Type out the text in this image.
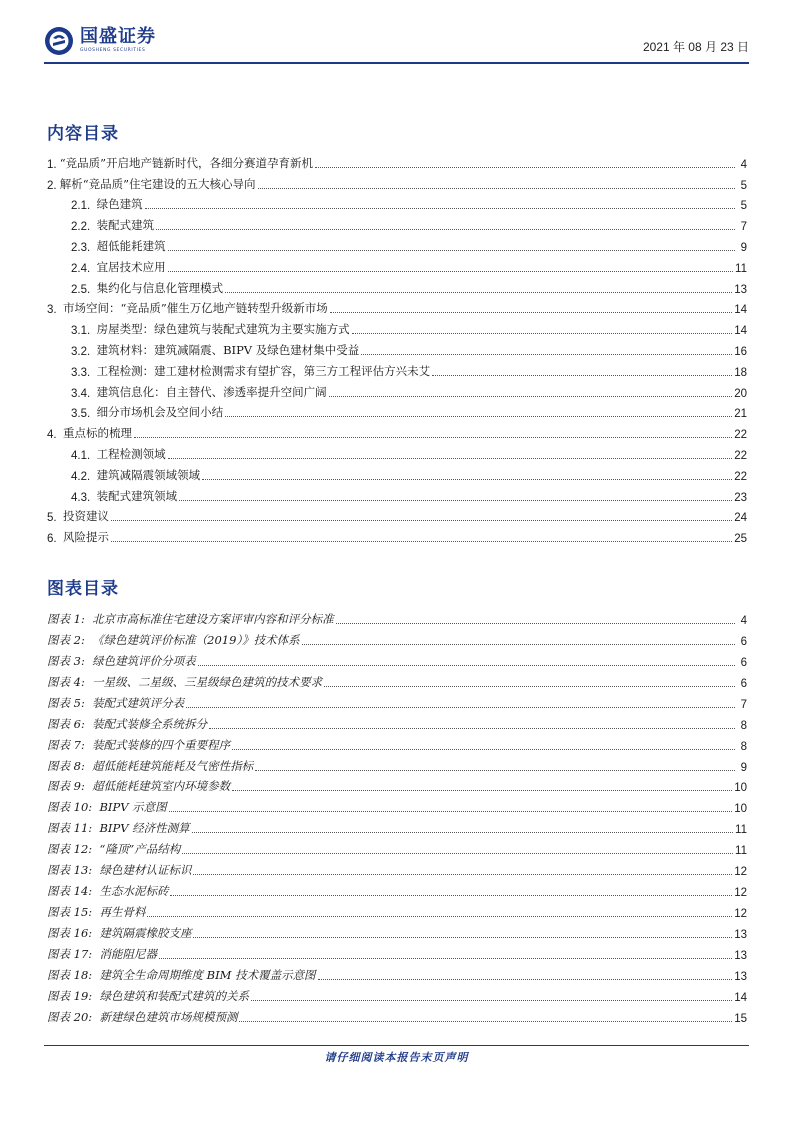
国盛证券
GUOSHENG SECURITIES	2021 年 08 月 23 日
内容目录
1. “竞品质”开启地产链新时代，各细分赛道孕育新机	4
2. 解析“竞品质”住宅建设的五大核心导向	5
2.1. 绿色建筑	5
2.2. 装配式建筑	7
2.3. 超低能耗建筑	9
2.4. 宜居技术应用	11
2.5. 集约化与信息化管理模式	13
3. 市场空间：“竞品质”催生万亿地产链转型升级新市场	14
3.1. 房屋类型：绿色建筑与装配式建筑为主要实施方式	14
3.2. 建筑材料：建筑减隔震、BIPV 及绿色建材集中受益	16
3.3. 工程检测：建工建材检测需求有望扩容，第三方工程评估方兴未艾	18
3.4. 建筑信息化：自主替代、渗透率提升空间广阔	20
3.5. 细分市场机会及空间小结	21
4. 重点标的梳理	22
4.1. 工程检测领域	22
4.2. 建筑减隔震领域领域	22
4.3. 装配式建筑领域	23
5. 投资建议	24
6. 风险提示	25
图表目录
图表 1: 北京市高标准住宅建设方案评审内容和评分标准	4
图表 2: 《绿色建筑评价标准（2019）》技术体系	6
图表 3: 绿色建筑评价分项表	6
图表 4: 一星级、二星级、三星级绿色建筑的技术要求	6
图表 5: 装配式建筑评分表	7
图表 6: 装配式装修全系统拆分	8
图表 7: 装配式装修的四个重要程序	8
图表 8: 超低能耗建筑能耗及气密性指标	9
图表 9: 超低能耗建筑室内环境参数	10
图表 10: BIPV 示意图	10
图表 11: BIPV 经济性测算	11
图表 12: “隆顶”产品结构	11
图表 13: 绿色建材认证标识	12
图表 14: 生态水泥标砖	12
图表 15: 再生骨料	12
图表 16: 建筑隔震橡胶支座	13
图表 17: 消能阻尼器	13
图表 18: 建筑全生命周期维度 BIM 技术覆盖示意图	13
图表 19: 绿色建筑和装配式建筑的关系	14
图表 20: 新建绿色建筑市场规模预测	15
请仔细阅读本报告末页声明
